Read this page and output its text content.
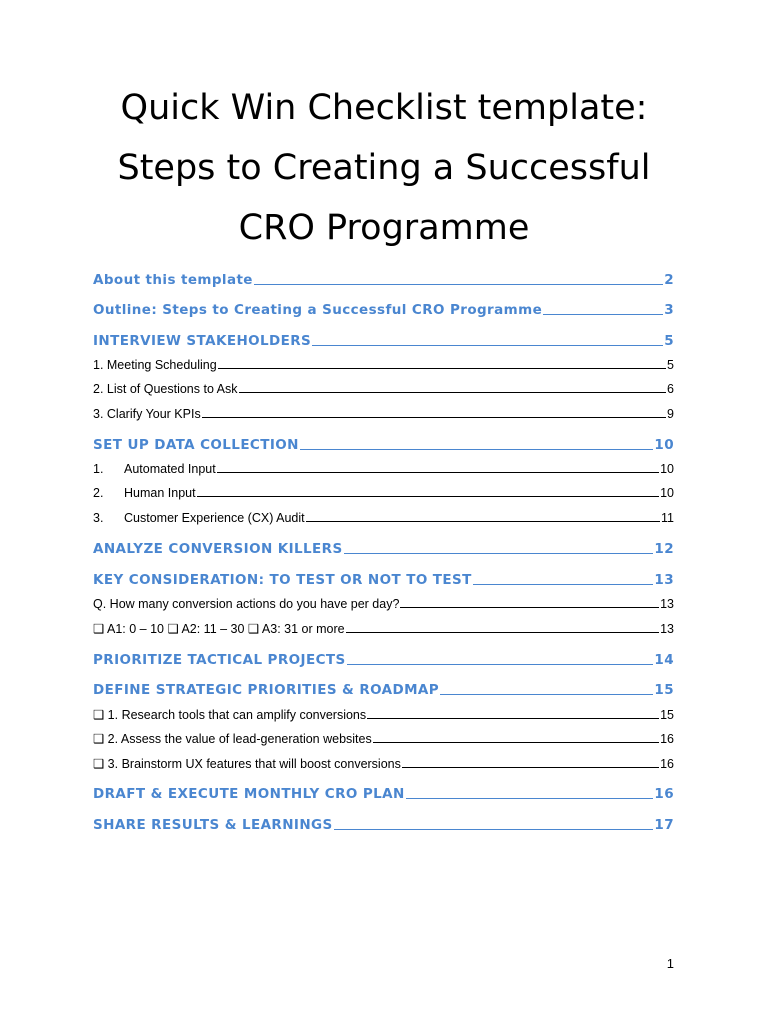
Quick Win Checklist template:
Steps to Creating a Successful
CRO Programme
About this template	2
Outline: Steps to Creating a Successful CRO Programme	3
INTERVIEW STAKEHOLDERS	5
1. Meeting Scheduling	5
2. List of Questions to Ask	6
3. Clarify Your KPIs	9
SET UP DATA COLLECTION	10
1.	Automated Input	10
2.	Human Input	10
3.	Customer Experience (CX) Audit	11
ANALYZE CONVERSION KILLERS	12
KEY CONSIDERATION: TO TEST OR NOT TO TEST	13
Q. How many conversion actions do you have per day?	13
❑ A1: 0 – 10 ❑ A2: 11 – 30 ❑ A3: 31 or more	13
PRIORITIZE TACTICAL PROJECTS	14
DEFINE STRATEGIC PRIORITIES & ROADMAP	15
❑ 1. Research tools that can amplify conversions	15
❑ 2. Assess the value of lead-generation websites	16
❑ 3. Brainstorm UX features that will boost conversions	16
DRAFT & EXECUTE MONTHLY CRO PLAN	16
SHARE RESULTS & LEARNINGS	17
1
